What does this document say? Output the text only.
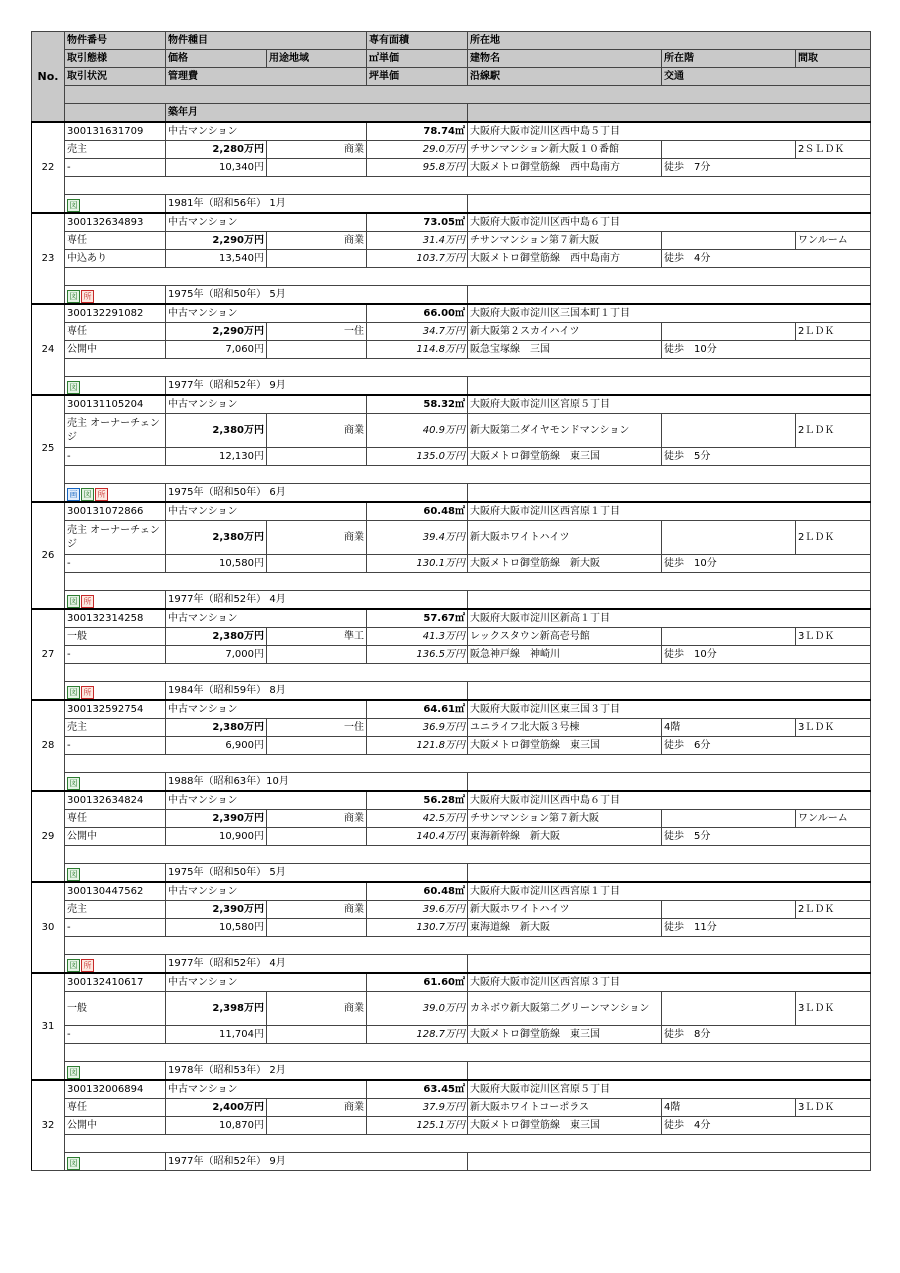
No.	物件番号	物件種目		専有面積	所在地		
	取引態様	価格	用途地域	㎡単価	建物名	所在階	間取
	取引状況	管理費		坪単価	沿線駅	交通	

		築年月					
22	300131631709	中古マンション		78.74㎡	大阪府大阪市淀川区西中島５丁目		
	売主	2,280万円	商業	29.0万円	チサンマンション新大阪１０番館		2ＳＬＤＫ
	-	10,340円		95.8万円	大阪メトロ御堂筋線　西中島南方	徒歩　7分	

	図	1981年（昭和56年） 1月					
23	300132634893	中古マンション		73.05㎡	大阪府大阪市淀川区西中島６丁目		
	専任	2,290万円	商業	31.4万円	チサンマンション第７新大阪		ワンルーム
	中込あり	13,540円		103.7万円	大阪メトロ御堂筋線　西中島南方	徒歩　4分	

	図 所	1975年（昭和50年） 5月					
24	300132291082	中古マンション		66.00㎡	大阪府大阪市淀川区三国本町１丁目		
	専任	2,290万円	一住	34.7万円	新大阪第２スカイハイツ		2ＬＤＫ
	公開中	7,060円		114.8万円	阪急宝塚線　三国	徒歩　10分	

	図	1977年（昭和52年） 9月					
25	300131105204	中古マンション		58.32㎡	大阪府大阪市淀川区宮原５丁目		
	売主 オーナーチェンジ	2,380万円	商業	40.9万円	新大阪第二ダイヤモンドマンション		2ＬＤＫ
	-	12,130円		135.0万円	大阪メトロ御堂筋線　東三国	徒歩　5分	

	画 図 所	1975年（昭和50年） 6月					
26	300131072866	中古マンション		60.48㎡	大阪府大阪市淀川区西宮原１丁目		
	売主 オーナーチェンジ	2,380万円	商業	39.4万円	新大阪ホワイトハイツ		2ＬＤＫ
	-	10,580円		130.1万円	大阪メトロ御堂筋線　新大阪	徒歩　10分	

	図 所	1977年（昭和52年） 4月					
27	300132314258	中古マンション		57.67㎡	大阪府大阪市淀川区新高１丁目		
	一般	2,380万円	準工	41.3万円	レックスタウン新高壱号館		3ＬＤＫ
	-	7,000円		136.5万円	阪急神戸線　神崎川	徒歩　10分	

	図 所	1984年（昭和59年） 8月					
28	300132592754	中古マンション		64.61㎡	大阪府大阪市淀川区東三国３丁目		
	売主	2,380万円	一住	36.9万円	ユニライフ北大阪３号棟	4階	3ＬＤＫ
	-	6,900円		121.8万円	大阪メトロ御堂筋線　東三国	徒歩　6分	

	図	1988年（昭和63年）10月					
29	300132634824	中古マンション		56.28㎡	大阪府大阪市淀川区西中島６丁目		
	専任	2,390万円	商業	42.5万円	チサンマンション第７新大阪		ワンルーム
	公開中	10,900円		140.4万円	東海新幹線　新大阪	徒歩　5分	

	図	1975年（昭和50年） 5月					
30	300130447562	中古マンション		60.48㎡	大阪府大阪市淀川区西宮原１丁目		
	売主	2,390万円	商業	39.6万円	新大阪ホワイトハイツ		2ＬＤＫ
	-	10,580円		130.7万円	東海道線　新大阪	徒歩　11分	

	図 所	1977年（昭和52年） 4月					
31	300132410617	中古マンション		61.60㎡	大阪府大阪市淀川区西宮原３丁目		
	一般	2,398万円	商業	39.0万円	カネボウ新大阪第二グリーンマンション		3ＬＤＫ
	-	11,704円		128.7万円	大阪メトロ御堂筋線　東三国	徒歩　8分	

	図	1978年（昭和53年） 2月					
32	300132006894	中古マンション		63.45㎡	大阪府大阪市淀川区宮原５丁目		
	専任	2,400万円	商業	37.9万円	新大阪ホワイトコーポラス	4階	3ＬＤＫ
	公開中	10,870円		125.1万円	大阪メトロ御堂筋線　東三国	徒歩　4分	

	図	1977年（昭和52年） 9月					
